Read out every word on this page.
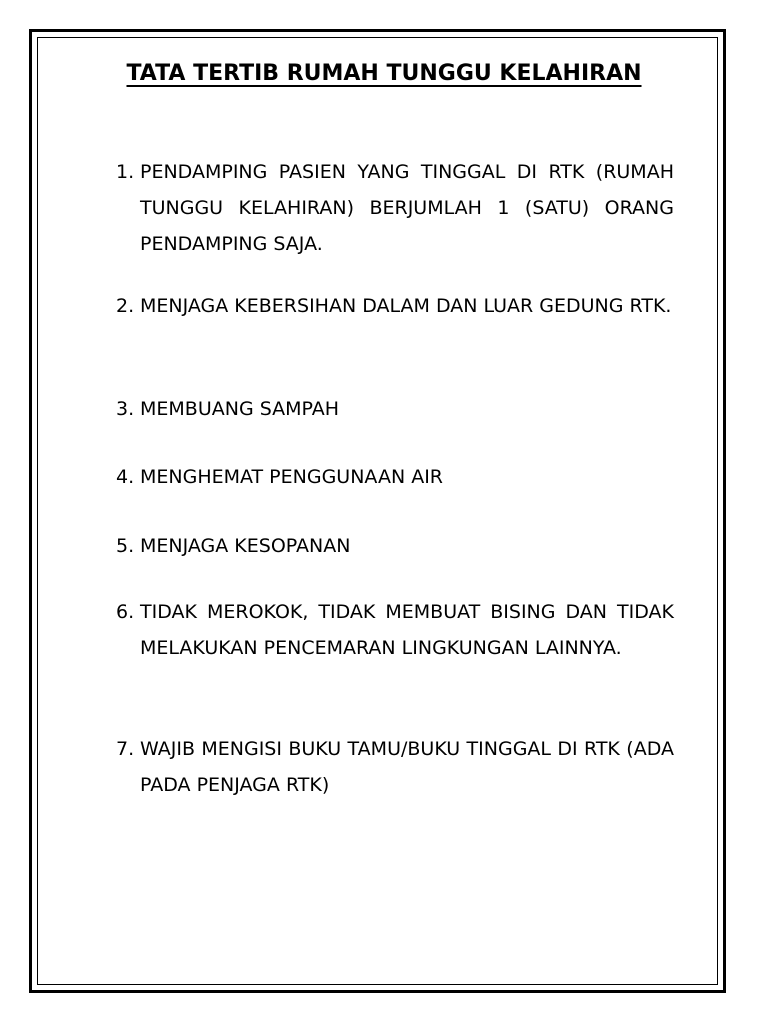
TATA TERTIB RUMAH TUNGGU KELAHIRAN
1. PENDAMPING PASIEN YANG TINGGAL DI RTK (RUMAH TUNGGU KELAHIRAN) BERJUMLAH 1 (SATU) ORANG PENDAMPING SAJA.
2. MENJAGA KEBERSIHAN DALAM DAN LUAR GEDUNG RTK.
3. MEMBUANG SAMPAH
4. MENGHEMAT PENGGUNAAN AIR
5. MENJAGA KESOPANAN
6. TIDAK MEROKOK, TIDAK MEMBUAT BISING DAN TIDAK MELAKUKAN PENCEMARAN LINGKUNGAN LAINNYA.
7. WAJIB MENGISI BUKU TAMU/BUKU TINGGAL DI RTK (ADA PADA PENJAGA RTK)
